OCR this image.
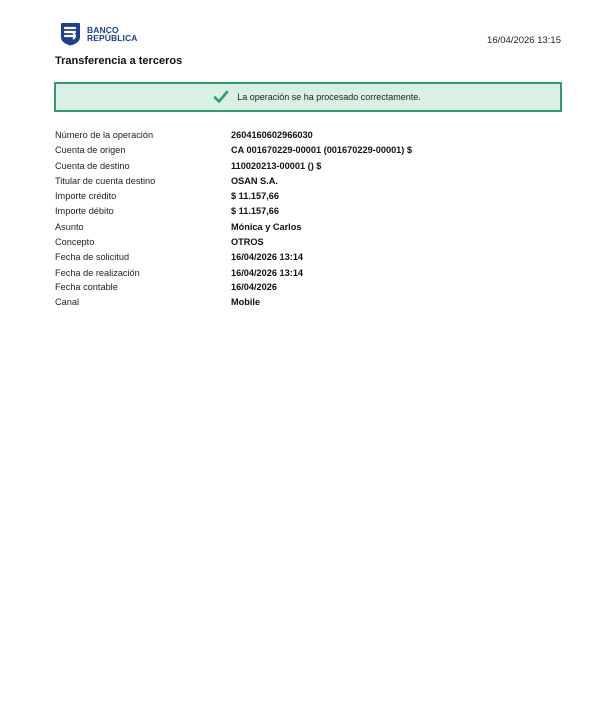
BANCO
REPÚBLICA	16/04/2026 13:15
Transferencia a terceros
La operación se ha procesado correctamente.
Número de la operación	2604160602966030
Cuenta de origen	CA 001670229-00001 (001670229-00001) $
Cuenta de destino	110020213-00001 () $
Titular de cuenta destino	OSAN S.A.
Importe crédito	$ 11.157,66
Importe débito	$ 11.157,66
Asunto	Mónica y Carlos
Concepto	OTROS
Fecha de solicitud	16/04/2026 13:14
Fecha de realización	16/04/2026 13:14
Fecha contable	16/04/2026
Canal	Mobile
